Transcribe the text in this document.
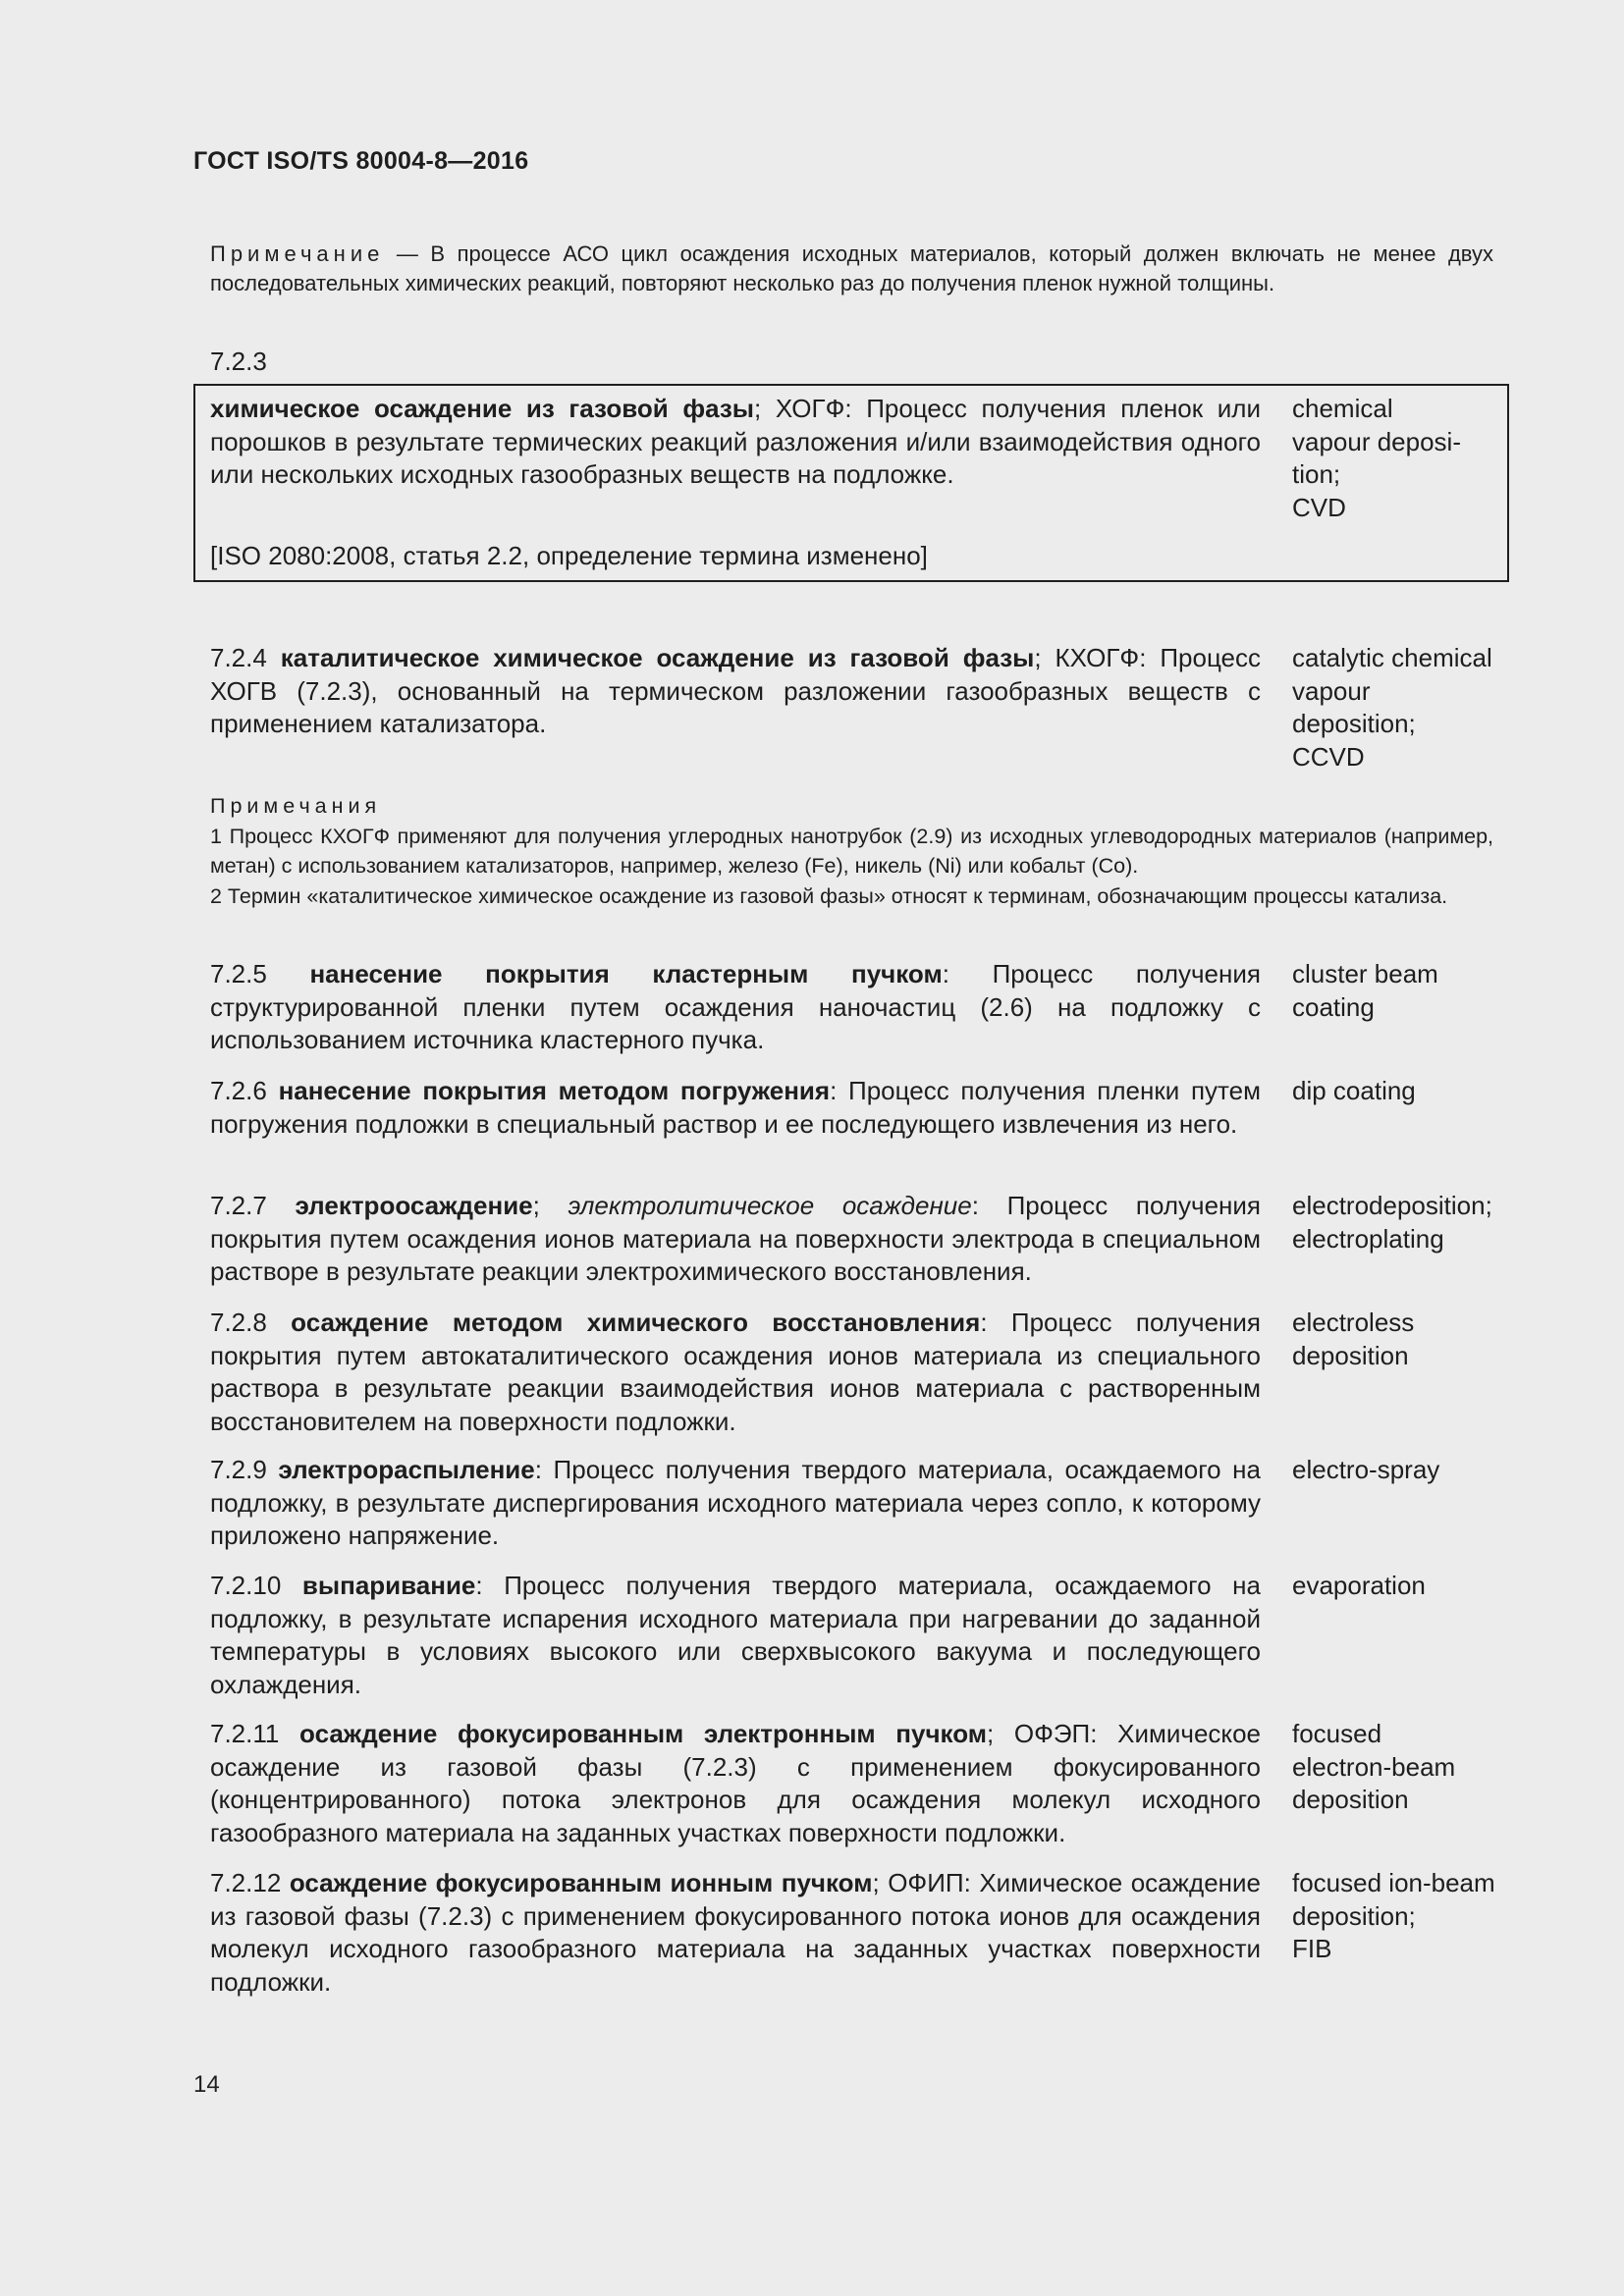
ГОСТ ISO/TS 80004-8—2016
Примечание — В процессе АСО цикл осаждения исходных материалов, который должен включать не менее двух последовательных химических реакций, повторяют несколько раз до получения пленок нужной толщины.
7.2.3
химическое осаждение из газовой фазы; ХОГФ: Процесс получения пленок или порошков в результате термических реакций разложения и/или взаимодействия одного или нескольких исходных газообразных веществ на подложке.
chemical
vapour deposi-
tion;
CVD
[ISO 2080:2008, статья 2.2, определение термина изменено]
7.2.4 каталитическое химическое осаждение из газовой фазы; КХОГФ: Процесс ХОГВ (7.2.3), основанный на термическом разложении газообразных веществ с применением катализатора.
catalytic chemical
vapour
deposition;
CCVD
Примечания

1 Процесс КХОГФ применяют для получения углеродных нанотрубок (2.9) из исходных углеводородных материалов (например, метан) с использованием катализаторов, например, железо (Fe), никель (Ni) или кобальт (Co).

2 Термин «каталитическое химическое осаждение из газовой фазы» относят к терминам, обозначающим процессы катализа.

7.2.5 нанесение покрытия кластерным пучком: Процесс получения структурированной пленки путем осаждения наночастиц (2.6) на подложку с использованием источника кластерного пучка.
cluster beam
coating
7.2.6 нанесение покрытия методом погружения: Процесс получения пленки путем погружения подложки в специальный раствор и ее последующего извлечения из него.
dip coating
7.2.7 электроосаждение; электролитическое осаждение: Процесс получения покрытия путем осаждения ионов материала на поверхности электрода в специальном растворе в результате реакции электрохимического восстановления.
electrodeposition;
electroplating
7.2.8 осаждение методом химического восстановления: Процесс получения покрытия путем автокаталитического осаждения ионов материала из специального раствора в результате реакции взаимодействия ионов материала с растворенным восстановителем на поверхности подложки.
electroless
deposition
7.2.9 электрораспыление: Процесс получения твердого материала, осаждаемого на подложку, в результате диспергирования исходного материала через сопло, к которому приложено напряжение.
electro-spray
7.2.10 выпаривание: Процесс получения твердого материала, осаждаемого на подложку, в результате испарения исходного материала при нагревании до заданной температуры в условиях высокого или сверхвысокого вакуума и последующего охлаждения.
evaporation
7.2.11 осаждение фокусированным электронным пучком; ОФЭП: Химическое осаждение из газовой фазы (7.2.3) с применением фокусированного (концентрированного) потока электронов для осаждения молекул исходного газообразного материала на заданных участках поверхности подложки.
focused
electron-beam
deposition
7.2.12 осаждение фокусированным ионным пучком; ОФИП: Химическое осаждение из газовой фазы (7.2.3) с применением фокусированного потока ионов для осаждения молекул исходного газообразного материала на заданных участках поверхности подложки.
focused ion-beam
deposition;
FIB
14
